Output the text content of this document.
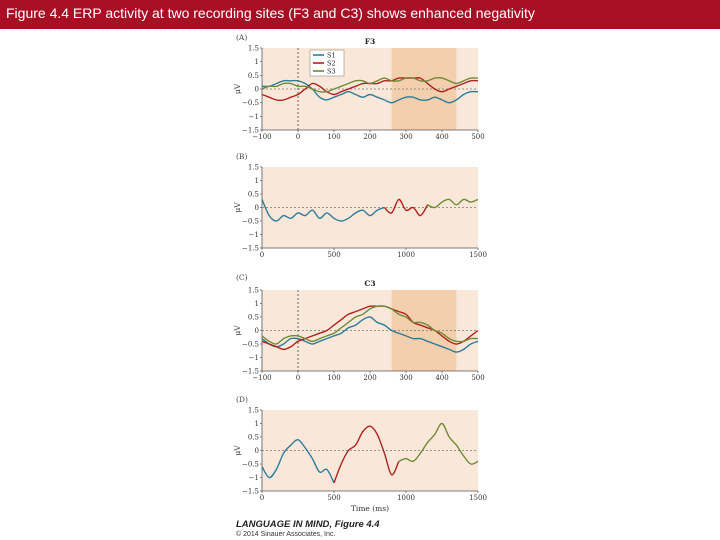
Figure 4.4 ERP activity at two recording sites (F3 and C3) shows enhanced negativity
1.5
1
0.5
0
−0.5
−1
−1.5
−100	0	100	200	300	400	500
μV
(A)	F3
S1
S2
S3
1.5
1
0.5
0
−0.5
−1
−1.5
0	500	1000	1500
μV
(B)
1.5
1
0.5
0
−0.5
−1
−1.5
−100	0	100	200	300	400	500
μV
(C)
C3
1.5
1
0.5
0
−0.5
−1
−1.5
0	500	1000	1500
μV
(D)
Time (ms)
LANGUAGE IN MIND, Figure 4.4
© 2014 Sinauer Associates, Inc.
